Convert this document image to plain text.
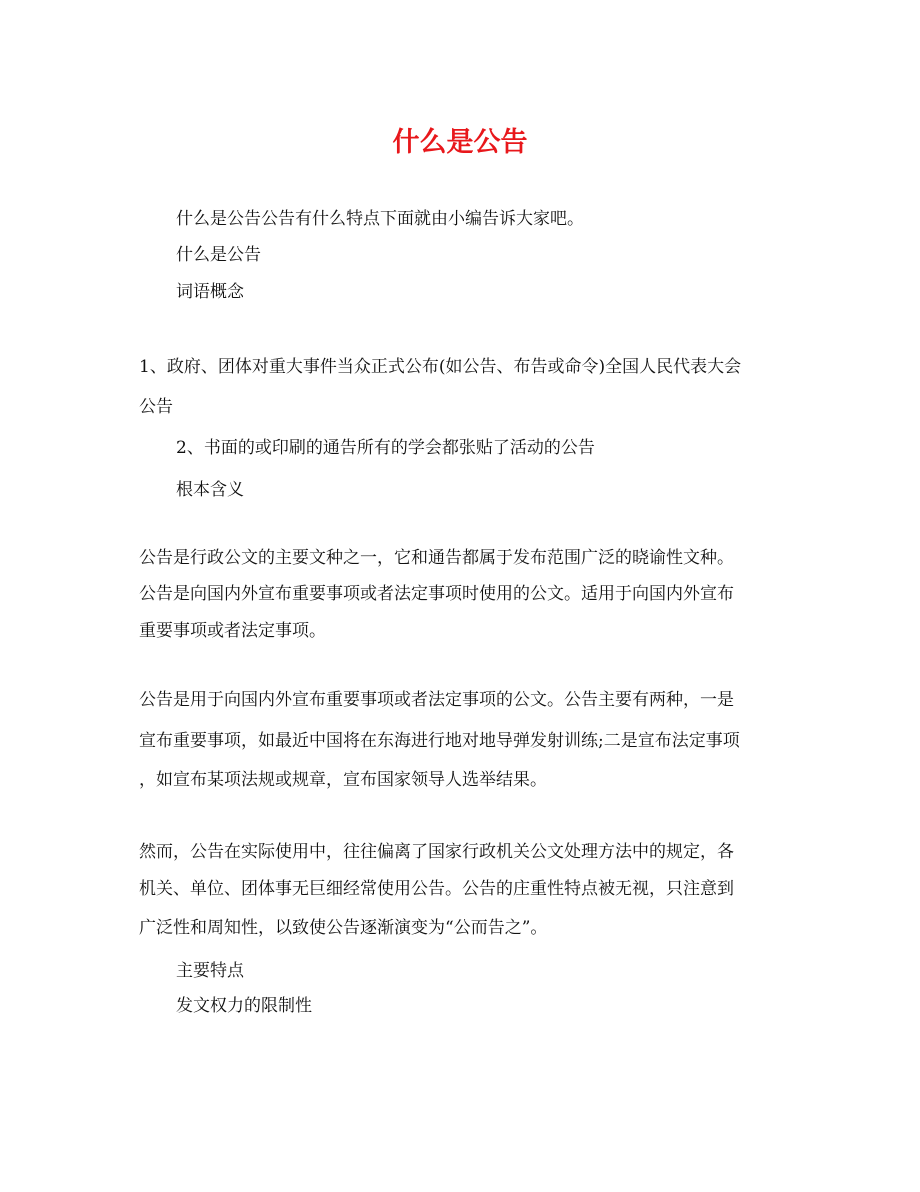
什么是公告

什么是公告公告有什么特点下面就由小编告诉大家吧。

什么是公告

词语概念

1、政府、团体对重大事件当众正式公布(如公告、布告或命令)全国人民代表大会

公告

2、书面的或印刷的通告所有的学会都张贴了活动的公告

根本含义

公告是行政公文的主要文种之一，它和通告都属于发布范围广泛的晓谕性文种。

公告是向国内外宣布重要事项或者法定事项时使用的公文。适用于向国内外宣布

重要事项或者法定事项。

公告是用于向国内外宣布重要事项或者法定事项的公文。公告主要有两种，一是

宣布重要事项，如最近中国将在东海进行地对地导弹发射训练;二是宣布法定事项

，如宣布某项法规或规章，宣布国家领导人选举结果。

然而，公告在实际使用中，往往偏离了国家行政机关公文处理方法中的规定，各

机关、单位、团体事无巨细经常使用公告。公告的庄重性特点被无视，只注意到

广泛性和周知性，以致使公告逐渐演变为“公而告之”。

主要特点

发文权力的限制性
